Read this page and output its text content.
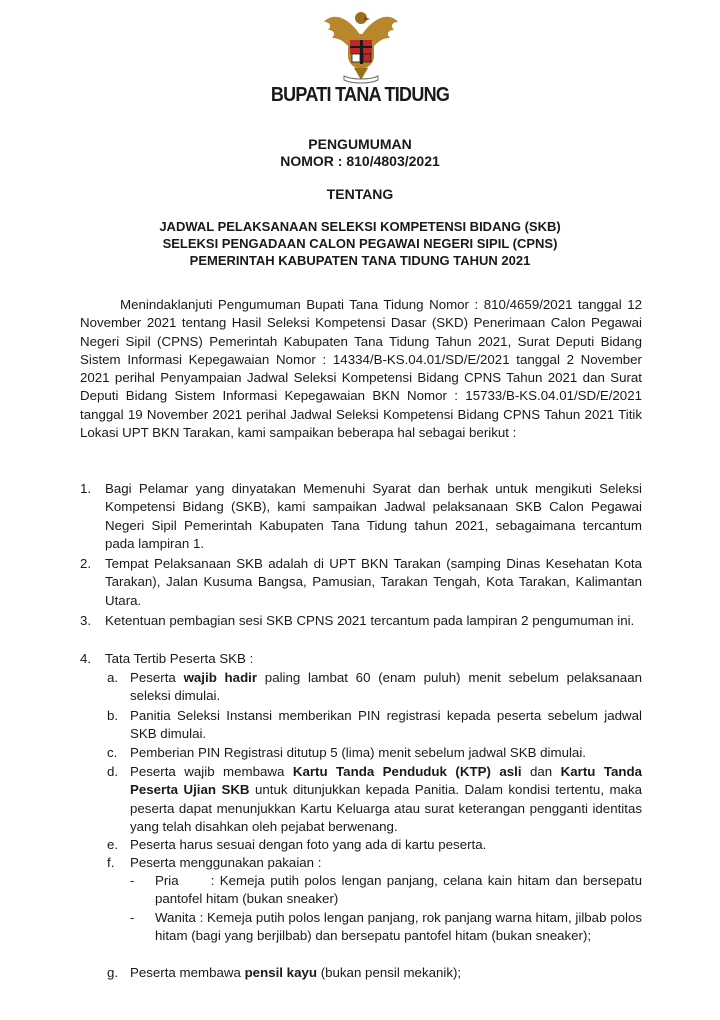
BUPATI TANA TIDUNG
PENGUMUMAN
NOMOR : 810/4803/2021
TENTANG
JADWAL PELAKSANAAN SELEKSI KOMPETENSI BIDANG (SKB)
SELEKSI PENGADAAN CALON PEGAWAI NEGERI SIPIL (CPNS)
PEMERINTAH KABUPATEN TANA TIDUNG TAHUN 2021
Menindaklanjuti Pengumuman Bupati Tana Tidung Nomor : 810/4659/2021 tanggal 12 November 2021 tentang Hasil Seleksi Kompetensi Dasar (SKD) Penerimaan Calon Pegawai Negeri Sipil (CPNS) Pemerintah Kabupaten Tana Tidung Tahun 2021, Surat Deputi Bidang Sistem Informasi Kepegawaian Nomor : 14334/B-KS.04.01/SD/E/2021 tanggal 2 November 2021 perihal Penyampaian Jadwal Seleksi Kompetensi Bidang CPNS Tahun 2021 dan Surat Deputi Bidang Sistem Informasi Kepegawaian BKN Nomor : 15733/B-KS.04.01/SD/E/2021 tanggal 19 November 2021 perihal Jadwal Seleksi Kompetensi Bidang CPNS Tahun 2021 Titik Lokasi UPT BKN Tarakan, kami sampaikan beberapa hal sebagai berikut :
1. Bagi Pelamar yang dinyatakan Memenuhi Syarat dan berhak untuk mengikuti Seleksi Kompetensi Bidang (SKB), kami sampaikan Jadwal pelaksanaan SKB Calon Pegawai Negeri Sipil Pemerintah Kabupaten Tana Tidung tahun 2021, sebagaimana tercantum pada lampiran 1.
2. Tempat Pelaksanaan SKB adalah di UPT BKN Tarakan (samping Dinas Kesehatan Kota Tarakan), Jalan Kusuma Bangsa, Pamusian, Tarakan Tengah, Kota Tarakan, Kalimantan Utara.
3. Ketentuan pembagian sesi SKB CPNS 2021 tercantum pada lampiran 2 pengumuman ini.
4. Tata Tertib Peserta SKB :
a. Peserta wajib hadir paling lambat 60 (enam puluh) menit sebelum pelaksanaan seleksi dimulai.
b. Panitia Seleksi Instansi memberikan PIN registrasi kepada peserta sebelum jadwal SKB dimulai.
c. Pemberian PIN Registrasi ditutup 5 (lima) menit sebelum jadwal SKB dimulai.
d. Peserta wajib membawa Kartu Tanda Penduduk (KTP) asli dan Kartu Tanda Peserta Ujian SKB untuk ditunjukkan kepada Panitia. Dalam kondisi tertentu, maka peserta dapat menunjukkan Kartu Keluarga atau surat keterangan pengganti identitas yang telah disahkan oleh pejabat berwenang.
e. Peserta harus sesuai dengan foto yang ada di kartu peserta.
f. Peserta menggunakan pakaian :
- Pria      : Kemeja putih polos lengan panjang, celana kain hitam dan bersepatu pantofel hitam (bukan sneaker)
- Wanita : Kemeja putih polos lengan panjang, rok panjang warna hitam, jilbab polos hitam (bagi yang berjilbab) dan bersepatu pantofel hitam (bukan sneaker);
g. Peserta membawa pensil kayu (bukan pensil mekanik);
